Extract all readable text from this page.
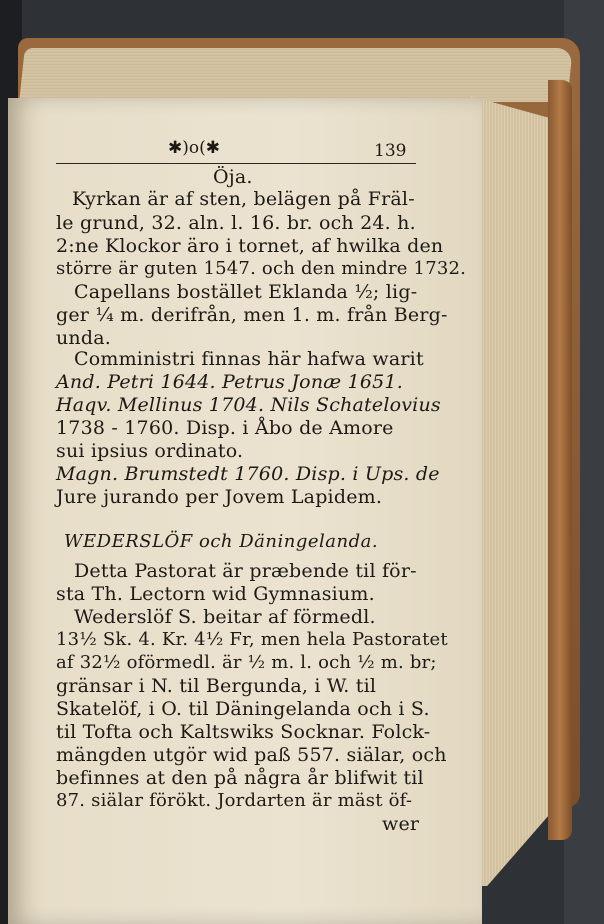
✱)o(✱	139
Öja.
Kyrkan är af sten, belägen på Fräl-
le grund, 32. aln. l. 16. br. och 24. h.
2:ne Klockor äro i tornet, af hwilka den
större är guten 1547. och den mindre 1732.
Capellans bostället Eklanda ½; lig-
ger ¼ m. derifrån, men 1. m. från Berg-
unda.
Comministri finnas här hafwa warit
And. Petri 1644. Petrus Jonæ 1651.
Haqv. Mellinus 1704. Nils Schatelovius
1738 - 1760. Disp. i Åbo de Amore
sui ipsius ordinato.
Magn. Brumstedt 1760. Disp. i Ups. de
Jure jurando per Jovem Lapidem.
WEDERSLÖF och Däningelanda.
Detta Pastorat är præbende til för-
sta Th. Lectorn wid Gymnasium.
Wederslöf S. beitar af förmedl.
13½ Sk. 4. Kr. 4½ Fr, men hela Pastoratet
af 32½ oförmedl. är ½ m. l. och ½ m. br;
gränsar i N. til Bergunda, i W. til
Skatelöf, i O. til Däningelanda och i S.
til Tofta och Kaltswiks Socknar. Folck-
mängden utgör wid paß 557. siälar, och
befinnes at den på några år blifwit til
87. siälar förökt. Jordarten är mäst öf-
wer
